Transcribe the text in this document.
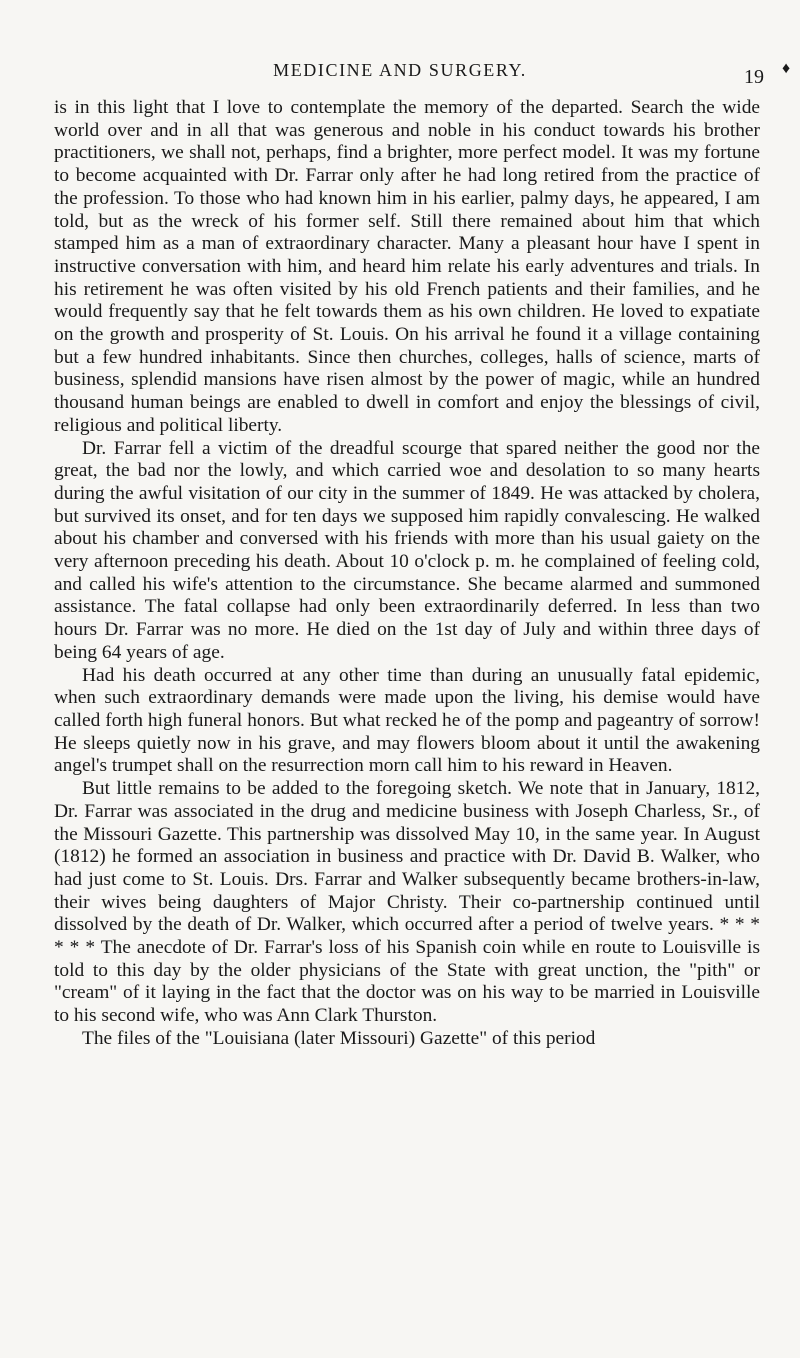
MEDICINE AND SURGERY.	19 ♦

is in this light that I love to contemplate the memory of the departed. Search the wide world over and in all that was generous and noble in his conduct towards his brother practitioners, we shall not, perhaps, find a brighter, more perfect model. It was my fortune to become acquainted with Dr. Farrar only after he had long retired from the practice of the profession. To those who had known him in his earlier, palmy days, he appeared, I am told, but as the wreck of his former self. Still there remained about him that which stamped him as a man of extraordinary character. Many a pleasant hour have I spent in instructive conversation with him, and heard him relate his early adventures and trials. In his retirement he was often visited by his old French patients and their families, and he would frequently say that he felt towards them as his own children. He loved to expatiate on the growth and prosperity of St. Louis. On his arrival he found it a village containing but a few hundred inhabitants. Since then churches, colleges, halls of science, marts of business, splendid mansions have risen almost by the power of magic, while an hundred thousand human beings are enabled to dwell in comfort and enjoy the blessings of civil, religious and political liberty.

Dr. Farrar fell a victim of the dreadful scourge that spared neither the good nor the great, the bad nor the lowly, and which carried woe and desolation to so many hearts during the awful visitation of our city in the summer of 1849. He was attacked by cholera, but survived its onset, and for ten days we supposed him rapidly convalescing. He walked about his chamber and conversed with his friends with more than his usual gaiety on the very afternoon preceding his death. About 10 o'clock p. m. he complained of feeling cold, and called his wife's attention to the circumstance. She became alarmed and summoned assistance. The fatal collapse had only been extraordinarily deferred. In less than two hours Dr. Farrar was no more. He died on the 1st day of July and within three days of being 64 years of age.

Had his death occurred at any other time than during an unusually fatal epidemic, when such extraordinary demands were made upon the living, his demise would have called forth high funeral honors. But what recked he of the pomp and pageantry of sorrow! He sleeps quietly now in his grave, and may flowers bloom about it until the awakening angel's trumpet shall on the resurrection morn call him to his reward in Heaven.

But little remains to be added to the foregoing sketch. We note that in January, 1812, Dr. Farrar was associated in the drug and medicine business with Joseph Charless, Sr., of the Missouri Gazette. This partnership was dissolved May 10, in the same year. In August (1812) he formed an association in business and practice with Dr. David B. Walker, who had just come to St. Louis. Drs. Farrar and Walker subsequently became brothers-in-law, their wives being daughters of Major Christy. Their co-partnership continued until dissolved by the death of Dr. Walker, which occurred after a period of twelve years. * * * * * * The anecdote of Dr. Farrar's loss of his Spanish coin while en route to Louisville is told to this day by the older physicians of the State with great unction, the "pith" or "cream" of it laying in the fact that the doctor was on his way to be married in Louisville to his second wife, who was Ann Clark Thurston.

The files of the "Louisiana (later Missouri) Gazette" of this period
